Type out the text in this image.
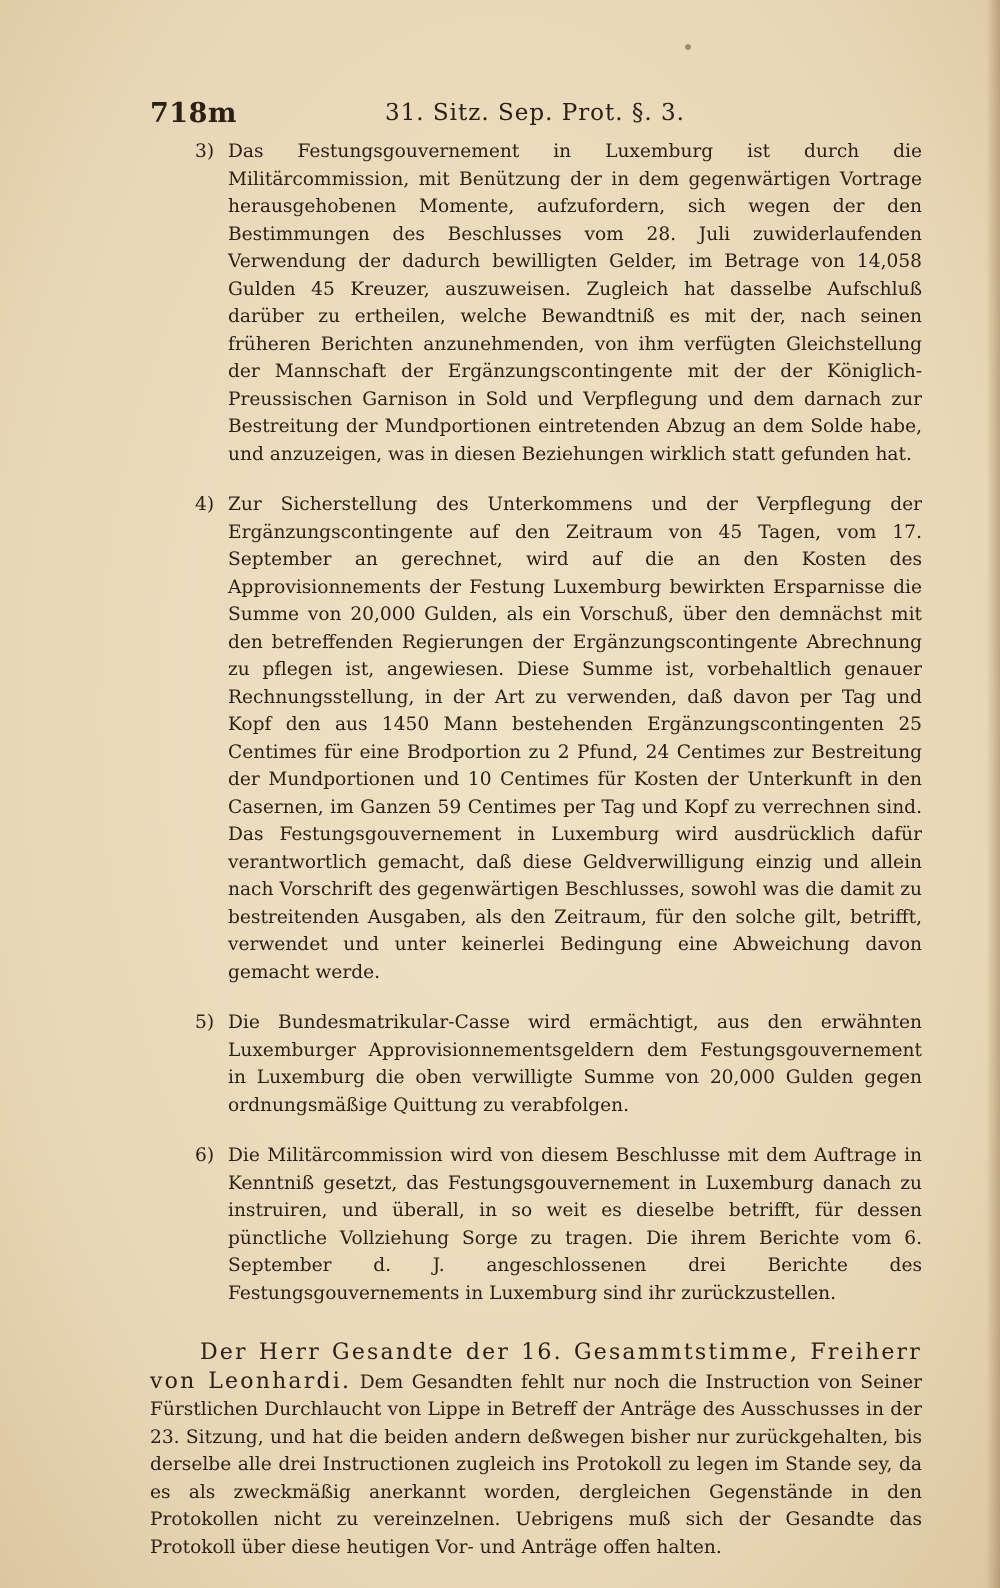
718m	31. Sitz. Sep. Prot. §. 3.

3) Das Festungsgouvernement in Luxemburg ist durch die Militärcommission, mit Benützung der in dem gegenwärtigen Vortrage herausgehobenen Momente, aufzufordern, sich wegen der den Bestimmungen des Beschlusses vom 28. Juli zuwiderlaufenden Verwendung der dadurch bewilligten Gelder, im Betrage von 14,058 Gulden 45 Kreuzer, auszuweisen. Zugleich hat dasselbe Aufschluß darüber zu ertheilen, welche Bewandtniß es mit der, nach seinen früheren Berichten anzunehmenden, von ihm verfügten Gleichstellung der Mannschaft der Ergänzungscontingente mit der der Königlich-Preussischen Garnison in Sold und Verpflegung und dem darnach zur Bestreitung der Mundportionen eintretenden Abzug an dem Solde habe, und anzuzeigen, was in diesen Beziehungen wirklich statt gefunden hat.

4) Zur Sicherstellung des Unterkommens und der Verpflegung der Ergänzungscontingente auf den Zeitraum von 45 Tagen, vom 17. September an gerechnet, wird auf die an den Kosten des Approvisionnements der Festung Luxemburg bewirkten Ersparnisse die Summe von 20,000 Gulden, als ein Vorschuß, über den demnächst mit den betreffenden Regierungen der Ergänzungscontingente Abrechnung zu pflegen ist, angewiesen. Diese Summe ist, vorbehaltlich genauer Rechnungsstellung, in der Art zu verwenden, daß davon per Tag und Kopf den aus 1450 Mann bestehenden Ergänzungscontingenten 25 Centimes für eine Brodportion zu 2 Pfund, 24 Centimes zur Bestreitung der Mundportionen und 10 Centimes für Kosten der Unterkunft in den Casernen, im Ganzen 59 Centimes per Tag und Kopf zu verrechnen sind. Das Festungsgouvernement in Luxemburg wird ausdrücklich dafür verantwortlich gemacht, daß diese Geldverwilligung einzig und allein nach Vorschrift des gegenwärtigen Beschlusses, sowohl was die damit zu bestreitenden Ausgaben, als den Zeitraum, für den solche gilt, betrifft, verwendet und unter keinerlei Bedingung eine Abweichung davon gemacht werde.

5) Die Bundesmatrikular-Casse wird ermächtigt, aus den erwähnten Luxemburger Approvisionnementsgeldern dem Festungsgouvernement in Luxemburg die oben verwilligte Summe von 20,000 Gulden gegen ordnungsmäßige Quittung zu verabfolgen.

6) Die Militärcommission wird von diesem Beschlusse mit dem Auftrage in Kenntniß gesetzt, das Festungsgouvernement in Luxemburg danach zu instruiren, und überall, in so weit es dieselbe betrifft, für dessen pünctliche Vollziehung Sorge zu tragen. Die ihrem Berichte vom 6. September d. J. angeschlossenen drei Berichte des Festungsgouvernements in Luxemburg sind ihr zurückzustellen.

Der Herr Gesandte der 16. Gesammtstimme, Freiherr von Leonhardi. Dem Gesandten fehlt nur noch die Instruction von Seiner Fürstlichen Durchlaucht von Lippe in Betreff der Anträge des Ausschusses in der 23. Sitzung, und hat die beiden andern deßwegen bisher nur zurückgehalten, bis derselbe alle drei Instructionen zugleich ins Protokoll zu legen im Stande sey, da es als zweckmäßig anerkannt worden, dergleichen Gegenstände in den Protokollen nicht zu vereinzelnen. Uebrigens muß sich der Gesandte das Protokoll über diese heutigen Vor- und Anträge offen halten.
